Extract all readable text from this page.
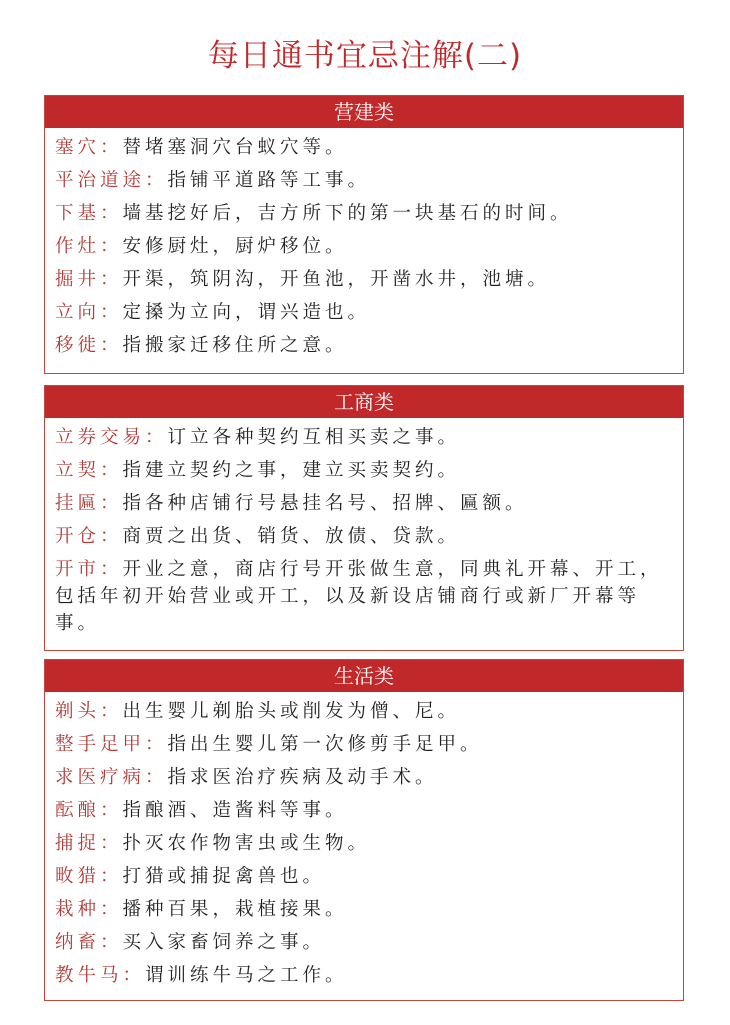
每日通书宜忌注解(二)
营建类
塞穴：替堵塞洞穴台蚁穴等。
平治道途：指铺平道路等工事。
下基：墙基挖好后，吉方所下的第一块基石的时间。
作灶：安修厨灶，厨炉移位。
掘井：开渠，筑阴沟，开鱼池，开凿水井，池塘。
立向：定搡为立向，谓兴造也。
移徙：指搬家迁移住所之意。
工商类
立券交易：订立各种契约互相买卖之事。
立契：指建立契约之事，建立买卖契约。
挂匾：指各种店铺行号悬挂名号、招牌、匾额。
开仓：商贾之出货、销货、放债、贷款。
开市：开业之意，商店行号开张做生意，同典礼开幕、开工，包括年初开始营业或开工，以及新设店铺商行或新厂开幕等事。
生活类
剃头：出生婴儿剃胎头或削发为僧、尼。
整手足甲：指出生婴儿第一次修剪手足甲。
求医疗病：指求医治疗疾病及动手术。
酝酿：指酿酒、造酱料等事。
捕捉：扑灭农作物害虫或生物。
畋猎：打猎或捕捉禽兽也。
栽种：播种百果，栽植接果。
纳畜：买入家畜饲养之事。
教牛马：谓训练牛马之工作。
